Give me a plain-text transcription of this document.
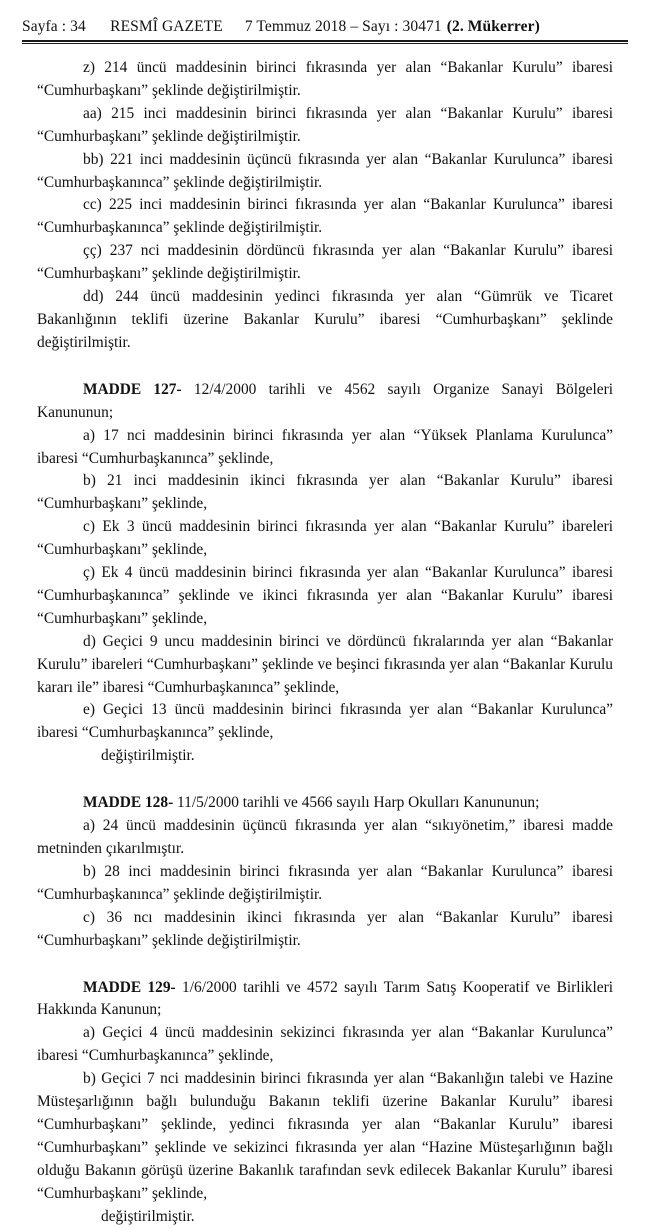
Sayfa : 34 RESMÎ GAZETE 7 Temmuz 2018 – Sayı : 30471 (2. Mükerrer)

z) 214 üncü maddesinin birinci fıkrasında yer alan “Bakanlar Kurulu” ibaresi “Cumhurbaşkanı” şeklinde değiştirilmiştir.

aa) 215 inci maddesinin birinci fıkrasında yer alan “Bakanlar Kurulu” ibaresi “Cumhurbaşkanı” şeklinde değiştirilmiştir.

bb) 221 inci maddesinin üçüncü fıkrasında yer alan “Bakanlar Kurulunca” ibaresi “Cumhurbaşkanınca” şeklinde değiştirilmiştir.

cc) 225 inci maddesinin birinci fıkrasında yer alan “Bakanlar Kurulunca” ibaresi “Cumhurbaşkanınca” şeklinde değiştirilmiştir.

çç) 237 nci maddesinin dördüncü fıkrasında yer alan “Bakanlar Kurulu” ibaresi “Cumhurbaşkanı” şeklinde değiştirilmiştir.

dd) 244 üncü maddesinin yedinci fıkrasında yer alan “Gümrük ve Ticaret Bakanlığının teklifi üzerine Bakanlar Kurulu” ibaresi “Cumhurbaşkanı” şeklinde değiştirilmiştir.

MADDE 127- 12/4/2000 tarihli ve 4562 sayılı Organize Sanayi Bölgeleri Kanununun;

a) 17 nci maddesinin birinci fıkrasında yer alan “Yüksek Planlama Kurulunca” ibaresi “Cumhurbaşkanınca” şeklinde,

b) 21 inci maddesinin ikinci fıkrasında yer alan “Bakanlar Kurulu” ibaresi “Cumhurbaşkanı” şeklinde,

c) Ek 3 üncü maddesinin birinci fıkrasında yer alan “Bakanlar Kurulu” ibareleri “Cumhurbaşkanı” şeklinde,

ç) Ek 4 üncü maddesinin birinci fıkrasında yer alan “Bakanlar Kurulunca” ibaresi “Cumhurbaşkanınca” şeklinde ve ikinci fıkrasında yer alan “Bakanlar Kurulu” ibaresi “Cumhurbaşkanı” şeklinde,

d) Geçici 9 uncu maddesinin birinci ve dördüncü fıkralarında yer alan “Bakanlar Kurulu” ibareleri “Cumhurbaşkanı” şeklinde ve beşinci fıkrasında yer alan “Bakanlar Kurulu kararı ile” ibaresi “Cumhurbaşkanınca” şeklinde,

e) Geçici 13 üncü maddesinin birinci fıkrasında yer alan “Bakanlar Kurulunca” ibaresi “Cumhurbaşkanınca” şeklinde,

değiştirilmiştir.

MADDE 128- 11/5/2000 tarihli ve 4566 sayılı Harp Okulları Kanununun;

a) 24 üncü maddesinin üçüncü fıkrasında yer alan “sıkıyönetim,” ibaresi madde metninden çıkarılmıştır.

b) 28 inci maddesinin birinci fıkrasında yer alan “Bakanlar Kurulunca” ibaresi “Cumhurbaşkanınca” şeklinde değiştirilmiştir.

c) 36 ncı maddesinin ikinci fıkrasında yer alan “Bakanlar Kurulu” ibaresi “Cumhurbaşkanı” şeklinde değiştirilmiştir.

MADDE 129- 1/6/2000 tarihli ve 4572 sayılı Tarım Satış Kooperatif ve Birlikleri Hakkında Kanunun;

a) Geçici 4 üncü maddesinin sekizinci fıkrasında yer alan “Bakanlar Kurulunca” ibaresi “Cumhurbaşkanınca” şeklinde,

b) Geçici 7 nci maddesinin birinci fıkrasında yer alan “Bakanlığın talebi ve Hazine Müsteşarlığının bağlı bulunduğu Bakanın teklifi üzerine Bakanlar Kurulu” ibaresi “Cumhurbaşkanı” şeklinde, yedinci fıkrasında yer alan “Bakanlar Kurulu” ibaresi “Cumhurbaşkanı” şeklinde ve sekizinci fıkrasında yer alan “Hazine Müsteşarlığının bağlı olduğu Bakanın görüşü üzerine Bakanlık tarafından sevk edilecek Bakanlar Kurulu” ibaresi “Cumhurbaşkanı” şeklinde,

değiştirilmiştir.
